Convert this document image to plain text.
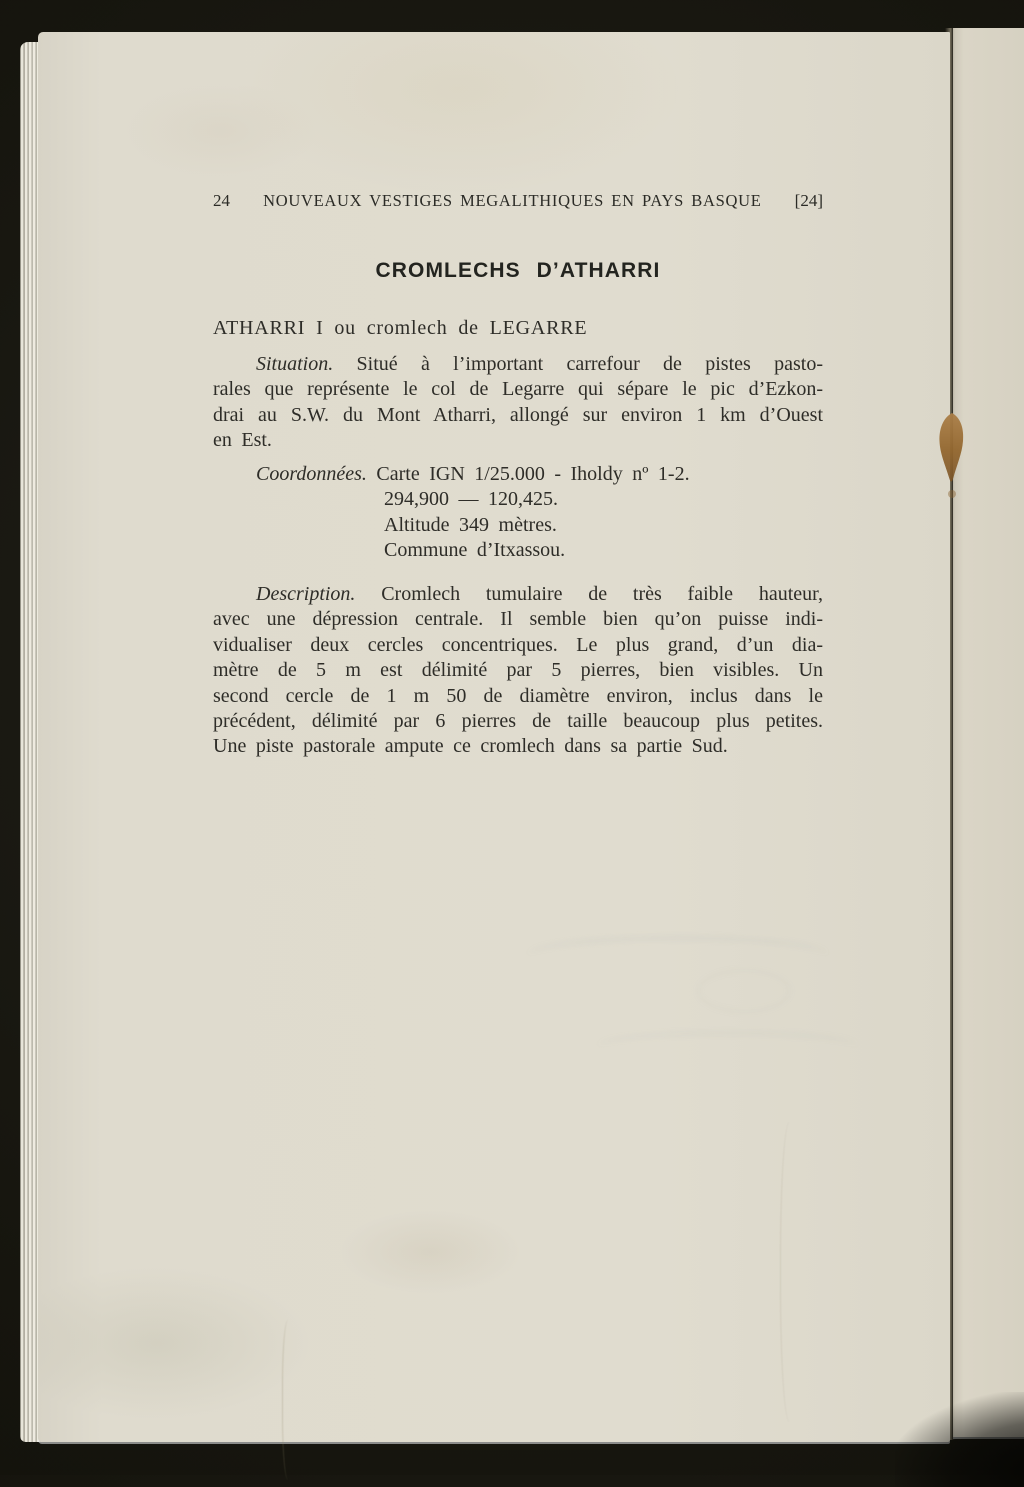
24 NOUVEAUX VESTIGES MEGALITHIQUES EN PAYS BASQUE [24]
CROMLECHS D’ATHARRI
ATHARRI I ou cromlech de LEGARRE
Situation. Situé à l’important carrefour de pistes pasto-
rales que représente le col de Legarre qui sépare le pic d’Ezkon-
drai au S.W. du Mont Atharri, allongé sur environ 1 km d’Ouest
en Est.
Coordonnées. Carte IGN 1/25.000 - Iholdy nº 1-2.
294,900 — 120,425.
Altitude 349 mètres.
Commune d’Itxassou.
Description. Cromlech tumulaire de très faible hauteur,
avec une dépression centrale. Il semble bien qu’on puisse indi-
vidualiser deux cercles concentriques. Le plus grand, d’un dia-
mètre de 5 m est délimité par 5 pierres, bien visibles. Un
second cercle de 1 m 50 de diamètre environ, inclus dans le
précédent, délimité par 6 pierres de taille beaucoup plus petites.
Une piste pastorale ampute ce cromlech dans sa partie Sud.
